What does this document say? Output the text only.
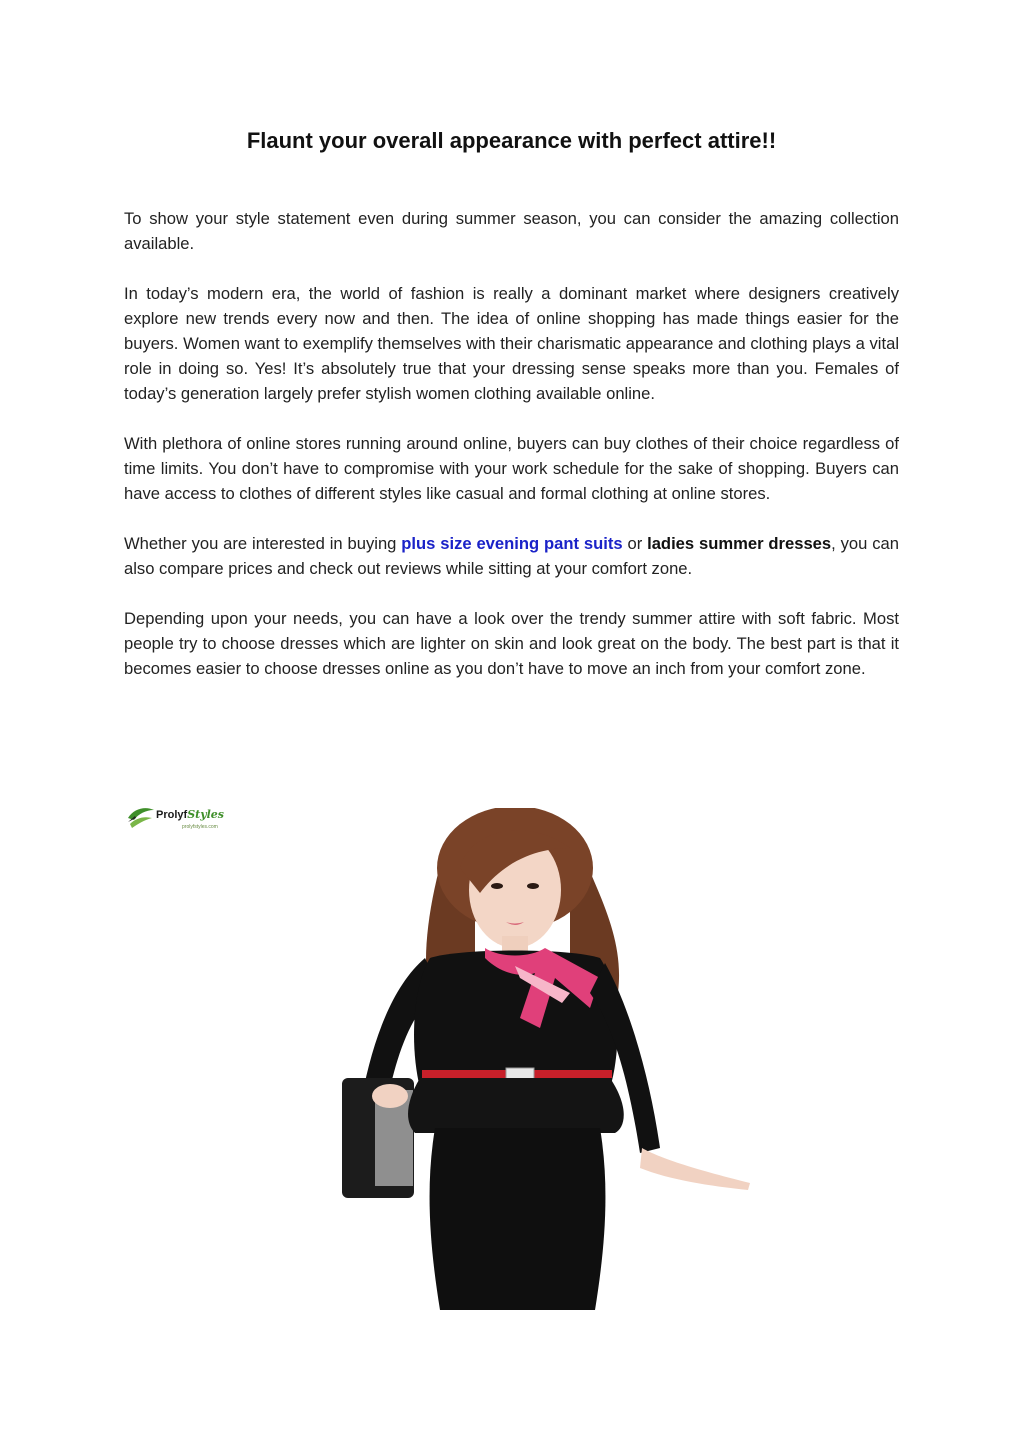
Flaunt your overall appearance with perfect attire!!

To show your style statement even during summer season, you can consider the amazing collection available.

In today’s modern era, the world of fashion is really a dominant market where designers creatively explore new trends every now and then. The idea of online shopping has made things easier for the buyers. Women want to exemplify themselves with their charismatic appearance and clothing plays a vital role in doing so. Yes! It’s absolutely true that your dressing sense speaks more than you. Females of today’s generation largely prefer stylish women clothing available online.

With plethora of online stores running around online, buyers can buy clothes of their choice regardless of time limits. You don’t have to compromise with your work schedule for the sake of shopping. Buyers can have access to clothes of different styles like casual and formal clothing at online stores.

Whether you are interested in buying plus size evening pant suits or ladies summer dresses, you can also compare prices and check out reviews while sitting at your comfort zone.

Depending upon your needs, you can have a look over the trendy summer attire with soft fabric. Most people try to choose dresses which are lighter on skin and look great on the body. The best part is that it becomes easier to choose dresses online as you don’t have to move an inch from your comfort zone.

ProlyfStyles
prolyfstyles.com
